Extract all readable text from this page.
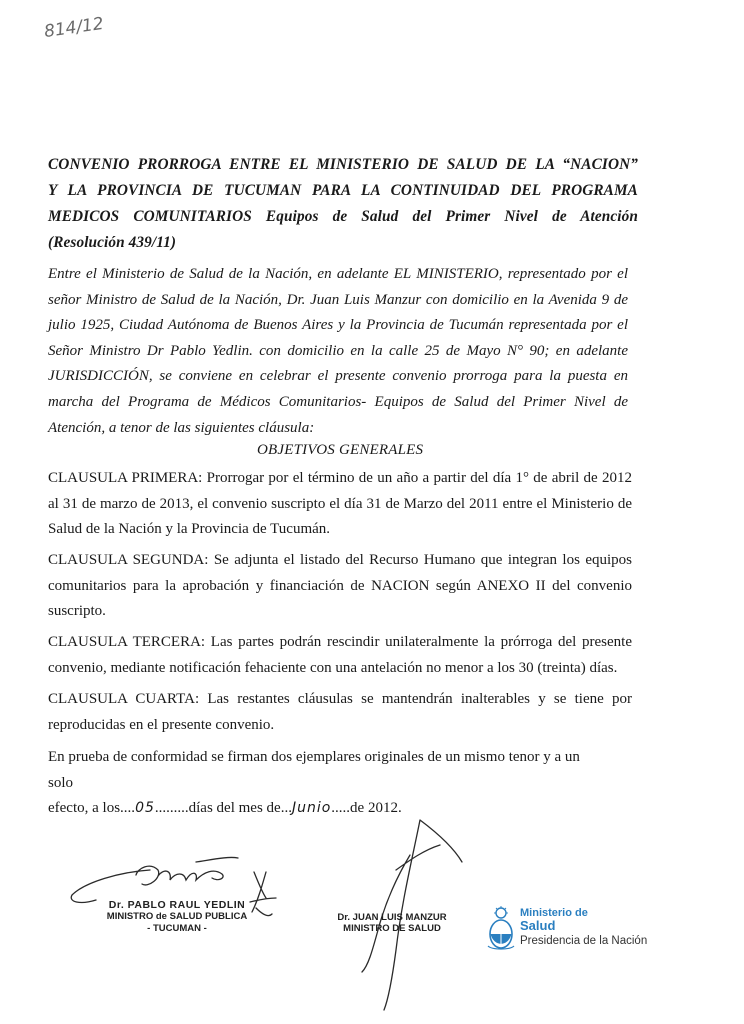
814/12
CONVENIO PRORROGA ENTRE EL MINISTERIO DE SALUD DE LA “NACION”
Y LA PROVINCIA DE TUCUMAN PARA LA CONTINUIDAD DEL PROGRAMA
MEDICOS COMUNITARIOS Equipos de Salud del Primer Nivel de Atención
(Resolución 439/11)
Entre el Ministerio de Salud de la Nación, en adelante EL MINISTERIO, representado por el señor Ministro de Salud de la Nación, Dr. Juan Luis Manzur con domicilio en la Avenida 9 de julio 1925, Ciudad Autónoma de Buenos Aires y la Provincia de Tucumán representada por el Señor Ministro Dr Pablo Yedlin. con domicilio en la calle 25 de Mayo N° 90; en adelante JURISDICCIÓN, se conviene en celebrar el presente convenio prorroga para la puesta en marcha del Programa de Médicos Comunitarios- Equipos de Salud del Primer Nivel de Atención, a tenor de las siguientes cláusula:
OBJETIVOS GENERALES
CLAUSULA PRIMERA: Prorrogar por el término de un año a partir del día 1° de abril de 2012 al 31 de marzo de 2013, el convenio suscripto el día 31 de Marzo del 2011 entre el Ministerio de Salud de la Nación y la Provincia de Tucumán.
CLAUSULA SEGUNDA: Se adjunta el listado del Recurso Humano que integran los equipos comunitarios para la aprobación y financiación de NACION según ANEXO II del convenio suscripto.
CLAUSULA TERCERA: Las partes podrán rescindir unilateralmente la prórroga del presente convenio, mediante notificación fehaciente con una antelación no menor a los 30 (treinta) días.
CLAUSULA CUARTA: Las restantes cláusulas se mantendrán inalterables y se tiene por reproducidas en el presente convenio.
En prueba de conformidad se firman dos ejemplares originales de un mismo tenor y a un solo
efecto, a los....05.........días del mes de...Junio.....de 2012.
Dr. PABLO RAUL YEDLIN
MINISTRO de SALUD PUBLICA
- TUCUMAN -
Dr. JUAN LUIS MANZUR
MINISTRO DE SALUD
Ministerio de
Salud
Presidencia de la Nación
